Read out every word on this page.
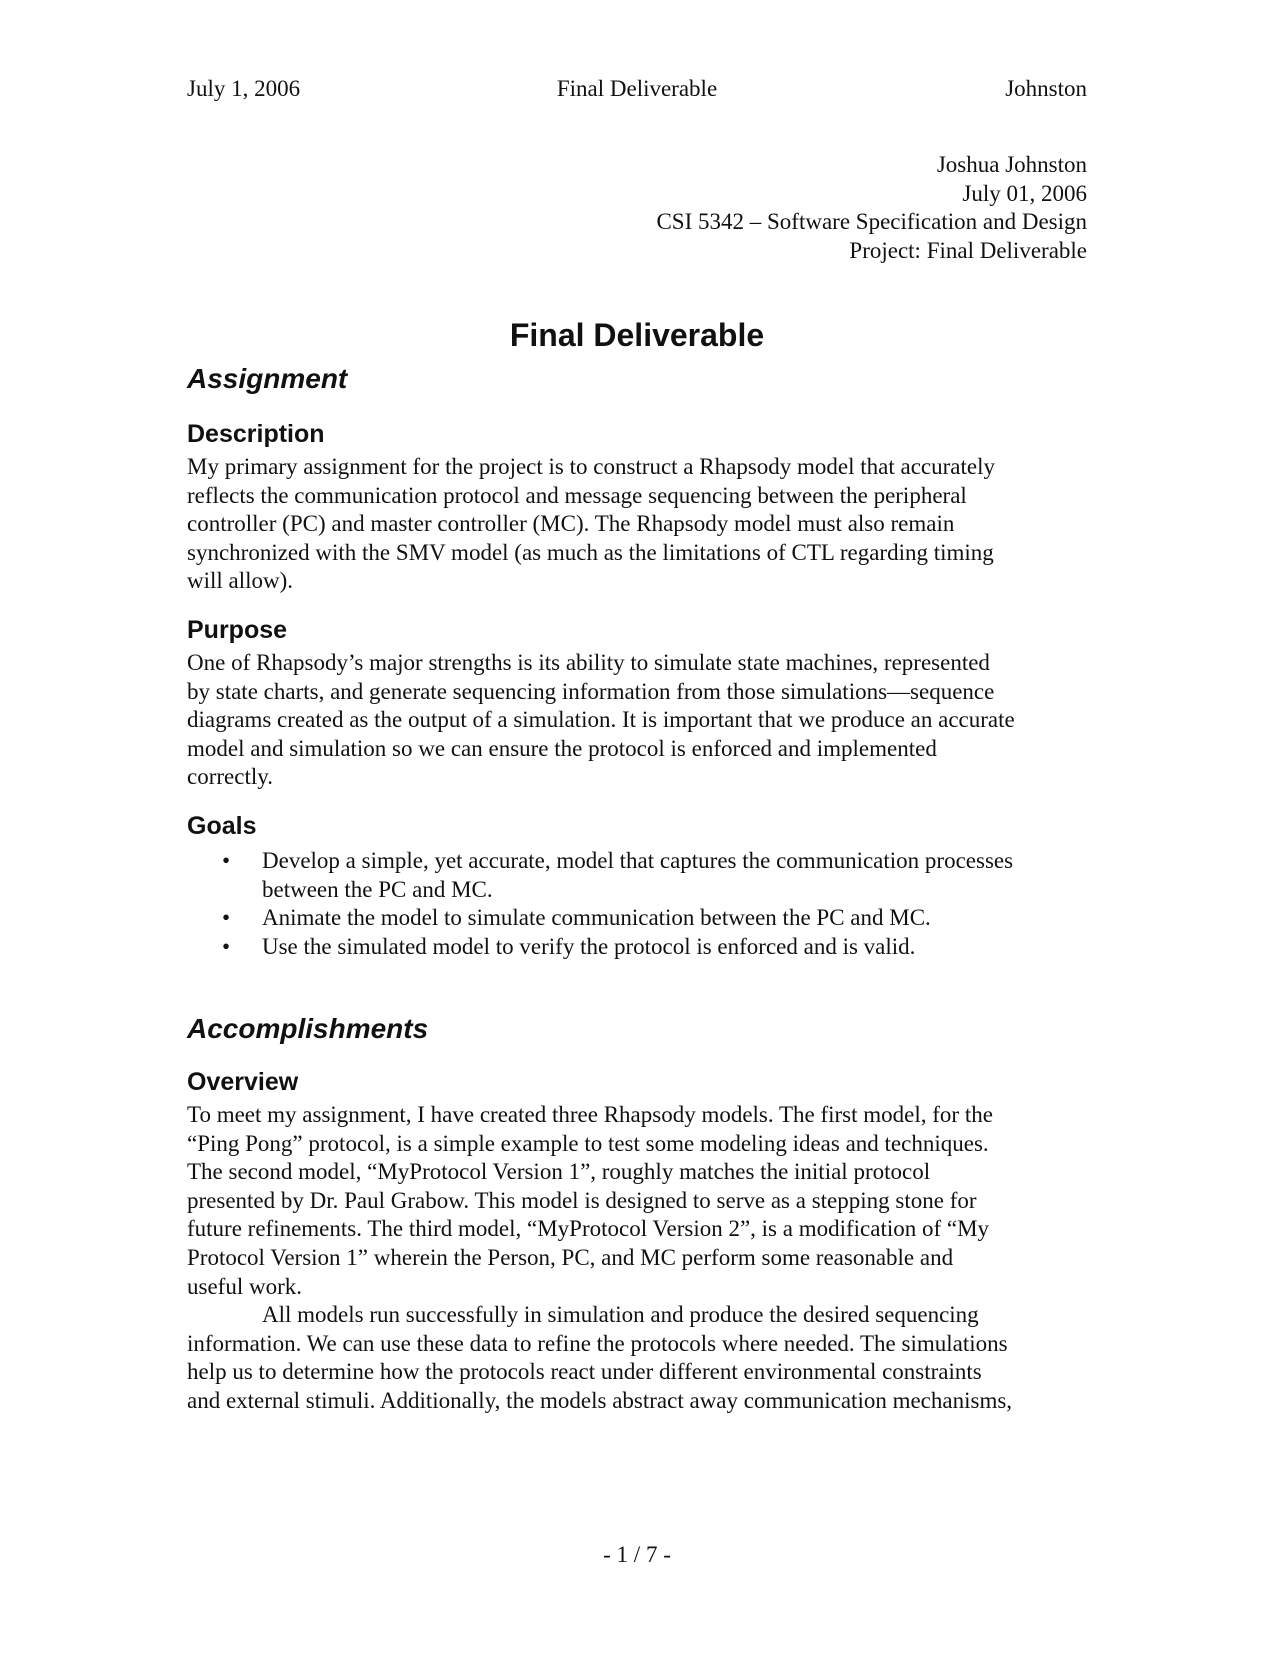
July 1, 2006	Final Deliverable	Johnston
Joshua Johnston
July 01, 2006
CSI 5342 – Software Specification and Design
Project: Final Deliverable
Final Deliverable
Assignment
Description

My primary assignment for the project is to construct a Rhapsody model that accurately
reflects the communication protocol and message sequencing between the peripheral
controller (PC) and master controller (MC). The Rhapsody model must also remain
synchronized with the SMV model (as much as the limitations of CTL regarding timing
will allow).

Purpose

One of Rhapsody’s major strengths is its ability to simulate state machines, represented
by state charts, and generate sequencing information from those simulations—sequence
diagrams created as the output of a simulation. It is important that we produce an accurate
model and simulation so we can ensure the protocol is enforced and implemented
correctly.

Goals
• Develop a simple, yet accurate, model that captures the communication processes
between the PC and MC.
• Animate the model to simulate communication between the PC and MC.
• Use the simulated model to verify the protocol is enforced and is valid.
Accomplishments
Overview

To meet my assignment, I have created three Rhapsody models. The first model, for the
“Ping Pong” protocol, is a simple example to test some modeling ideas and techniques.
The second model, “MyProtocol Version 1”, roughly matches the initial protocol
presented by Dr. Paul Grabow. This model is designed to serve as a stepping stone for
future refinements. The third model, “MyProtocol Version 2”, is a modification of “My
Protocol Version 1” wherein the Person, PC, and MC perform some reasonable and
useful work.
All models run successfully in simulation and produce the desired sequencing
information. We can use these data to refine the protocols where needed. The simulations
help us to determine how the protocols react under different environmental constraints
and external stimuli. Additionally, the models abstract away communication mechanisms,

- 1 / 7 -
